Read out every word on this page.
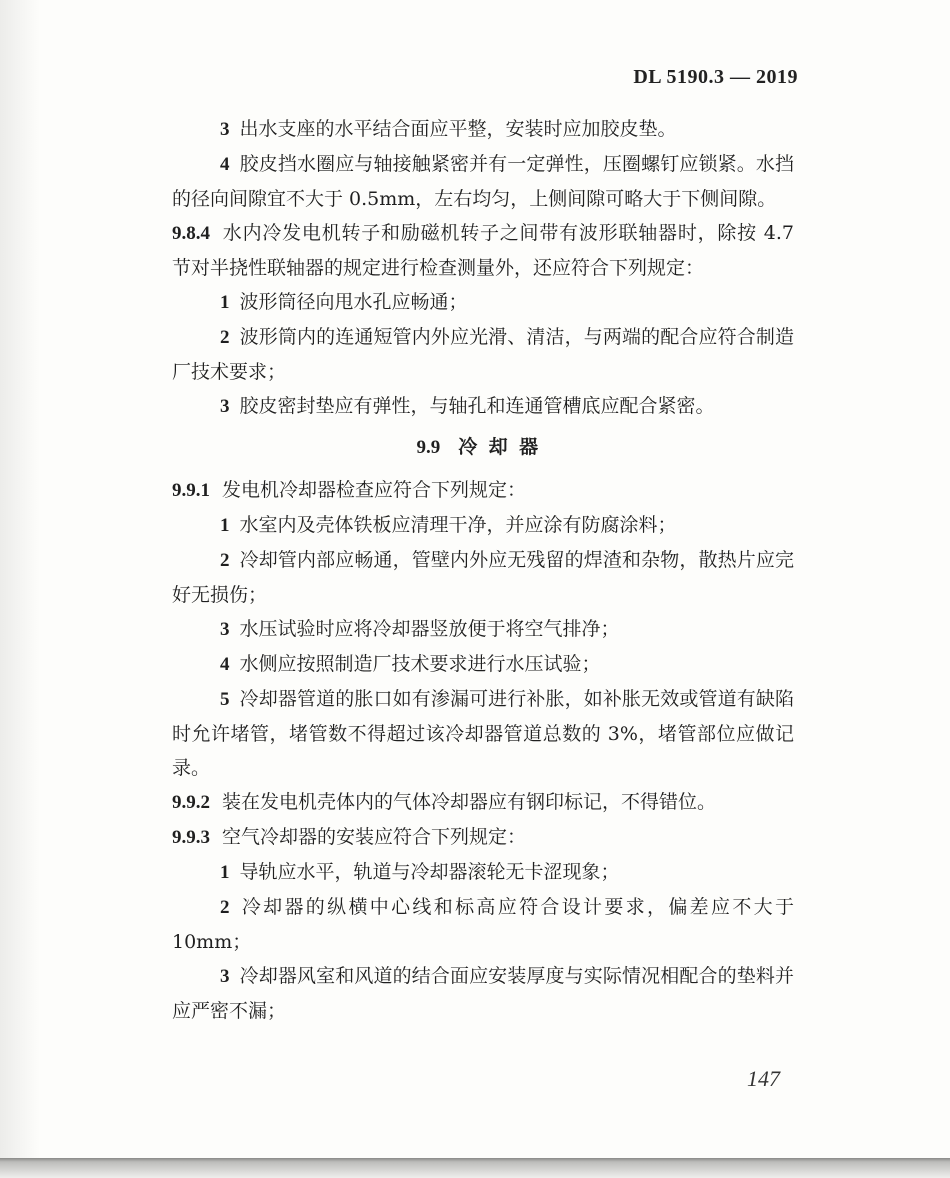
DL 5190.3 — 2019

3 出水支座的水平结合面应平整，安装时应加胶皮垫。

4 胶皮挡水圈应与轴接触紧密并有一定弹性，压圈螺钉应锁紧。水挡的径向间隙宜不大于 0.5mm，左右均匀，上侧间隙可略大于下侧间隙。

9.8.4 水内冷发电机转子和励磁机转子之间带有波形联轴器时，除按 4.7 节对半挠性联轴器的规定进行检查测量外，还应符合下列规定：

1 波形筒径向甩水孔应畅通；

2 波形筒内的连通短管内外应光滑、清洁，与两端的配合应符合制造厂技术要求；

3 胶皮密封垫应有弹性，与轴孔和连通管槽底应配合紧密。

9.9 冷却器

9.9.1 发电机冷却器检查应符合下列规定：

1 水室内及壳体铁板应清理干净，并应涂有防腐涂料；

2 冷却管内部应畅通，管壁内外应无残留的焊渣和杂物，散热片应完好无损伤；

3 水压试验时应将冷却器竖放便于将空气排净；

4 水侧应按照制造厂技术要求进行水压试验；

5 冷却器管道的胀口如有渗漏可进行补胀，如补胀无效或管道有缺陷时允许堵管，堵管数不得超过该冷却器管道总数的 3%，堵管部位应做记录。

9.9.2 装在发电机壳体内的气体冷却器应有钢印标记，不得错位。

9.9.3 空气冷却器的安装应符合下列规定：

1 导轨应水平，轨道与冷却器滚轮无卡涩现象；

2 冷却器的纵横中心线和标高应符合设计要求，偏差应不大于 10mm；

3 冷却器风室和风道的结合面应安装厚度与实际情况相配合的垫料并应严密不漏；

147
